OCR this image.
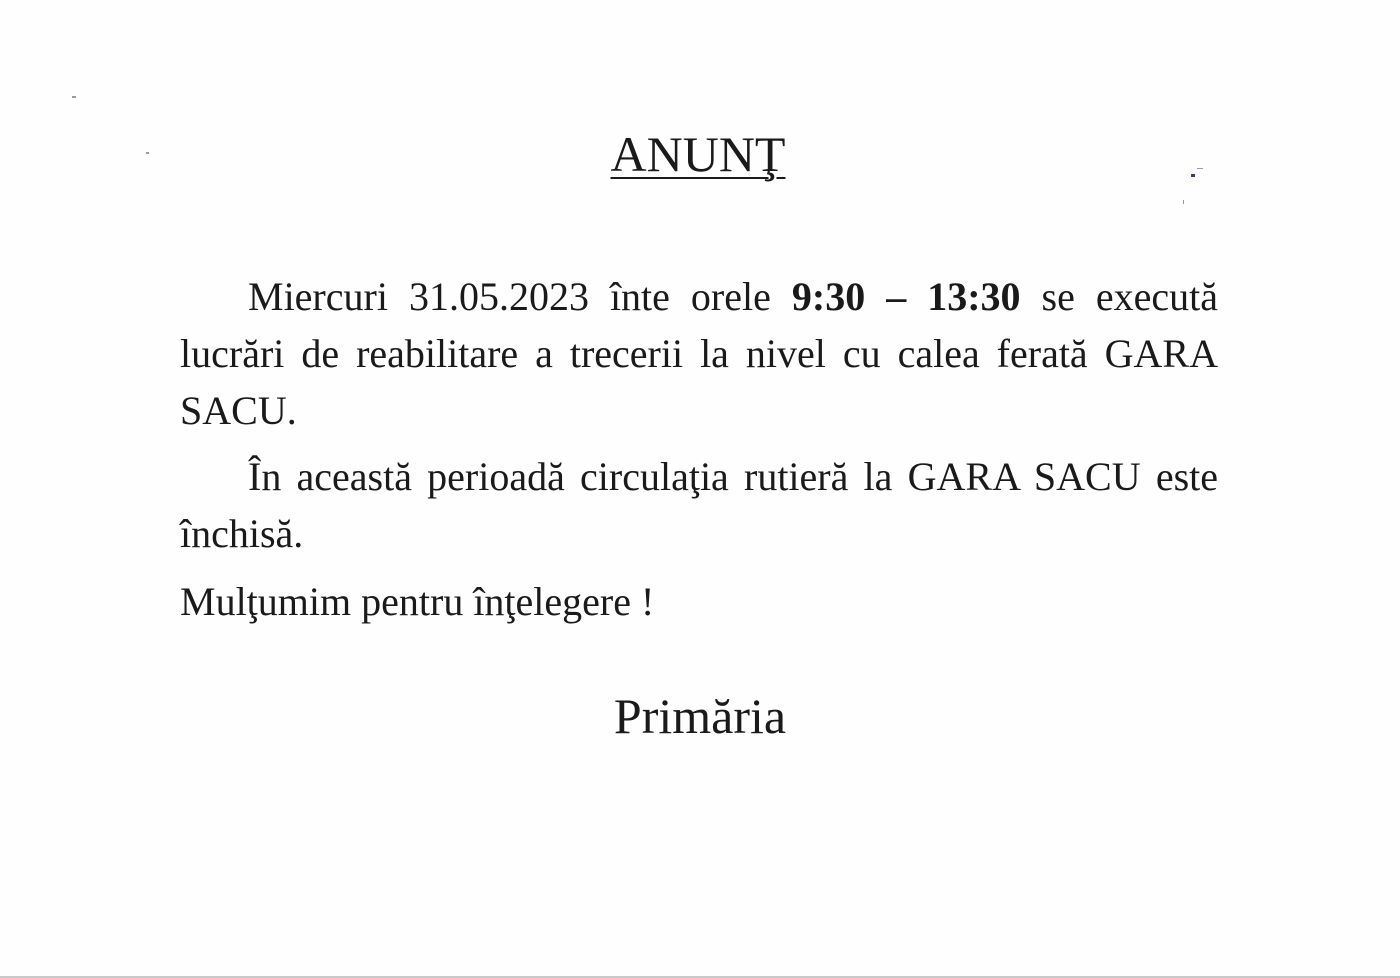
ANUNŢ

Miercuri 31.05.2023 înte orele 9:30 – 13:30 se execută lucrări de reabilitare a trecerii la nivel cu calea ferată GARA SACU.

În această perioadă circulaţia rutieră la GARA SACU este închisă.

Mulţumim pentru înţelegere !

Primăria
